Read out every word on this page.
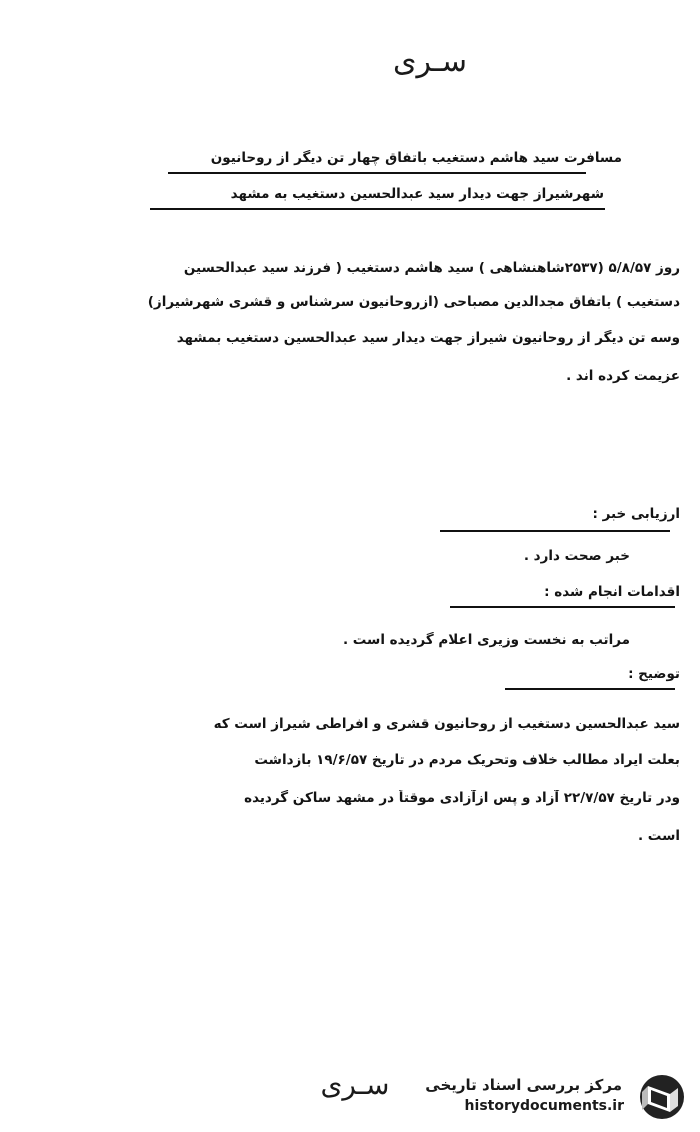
سـری
مسافرت سید هاشم دستغیب باتفاق چهار تن دیگر از روحانیون
شهرشیراز جهت دیدار سید عبدالحسین دستغیب به مشهد
روز ۵/۸/۵۷ (۲۵۳۷شاهنشاهی ) سید هاشم دستغیب ( فرزند سید عبدالحسین
دستغیب ) باتفاق مجدالدین مصباحی (ازروحانیون سرشناس و قشری شهرشیراز)
وسه تن دیگر از روحانیون شیراز جهت دیدار سید عبدالحسین دستغیب بمشهد
عزیمت کرده اند .
ارزیابی خبر :
خبر صحت دارد .
اقدامات انجام شده :
مراتب به نخست وزیری اعلام گردیده است .
توضیح :
سید عبدالحسین دستغیب از روحانیون قشری و افراطی شیراز است که
بعلت ایراد مطالب خلاف وتحریک مردم در تاریخ ۱۹/۶/۵۷ بازداشت
ودر تاریخ ۲۲/۷/۵۷ آزاد و پس ازآزادی موقتاً در مشهد ساکن گردیده
است .
سـری	مرکز بررسی اسناد تاریخی
historydocuments.ir
